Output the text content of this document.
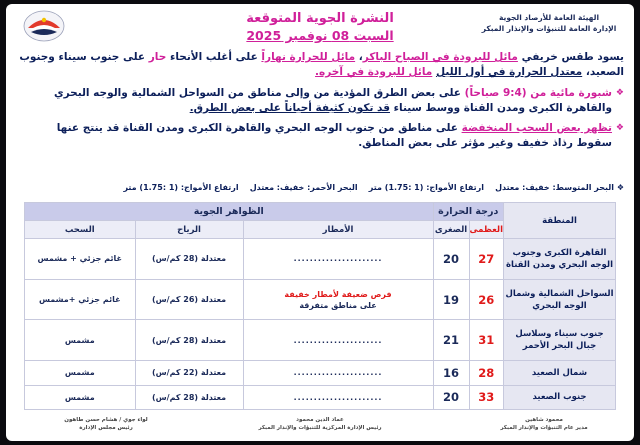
الهيئة العامة للأرصاد الجوية
الإدارة العامة للتنبؤات والإنذار المبكر
النشرة الجوية المتوقعة
السبت 08 نوفمبر 2025
يسود طقس خريفي مائل للبرودة في الصباح الباكر، مائل للحرارة نهاراً على أغلب الأنحاء حار على جنوب سيناء وجنوب الصعيد، معتدل الحرارة في أول الليل مائل للبرودة في آخره.
❖ شبورة مائية من (9:4 صباحاً) على بعض الطرق المؤدية من وإلى مناطق من السواحل الشمالية والوجه البحري والقاهرة الكبرى ومدن القناة ووسط سيناء قد تكون كثيفة أحياناً على بعض الطرق.
❖ تظهر بعض السحب المنخفضة على مناطق من جنوب الوجه البحري والقاهرة الكبرى ومدن القناة قد ينتج عنها سقوط رذاذ خفيف وغير مؤثر على بعض المناطق.
❖ البحر المتوسط: خفيف: معتدل    ارتفاع الأمواج: (1 :1.75) متر    البحر الأحمر: خفيف: معتدل    ارتفاع الأمواج: (1 :1.75) متر
المنطقة	درجة الحرارة		الظواهر الجوية		
	العظمى	الصغرى	الأمطار	الرياح	السحب
القاهرة الكبرى وجنوب الوجه البحري ومدن القناة	27	20	......................	معتدلة (28 كم/س)	غائم جزئي + مشمس
السواحل الشمالية وشمال الوجه البحري	26	19	فرص ضعيفة لأمطار خفيفة
على مناطق متفرقة	معتدلة (26 كم/س)	غائم جزئي +مشمس
جنوب سيناء وسلاسل جبال البحر الأحمر	31	21	......................	معتدلة (28 كم/س)	مشمس
شمال الصعيد	28	16	......................	معتدلة (22 كم/س)	مشمس
جنوب الصعيد	33	20	......................	معتدلة (28 كم/س)	مشمس
محمود شاهين
مدير عام التنبؤات والإنذار المبكر
عماد الدين محمود
رئيس الإدارة المركزية للتنبؤات والإنذار المبكر
لواء جوي / هشام حسن طاهون
رئيس مجلس الإدارة
